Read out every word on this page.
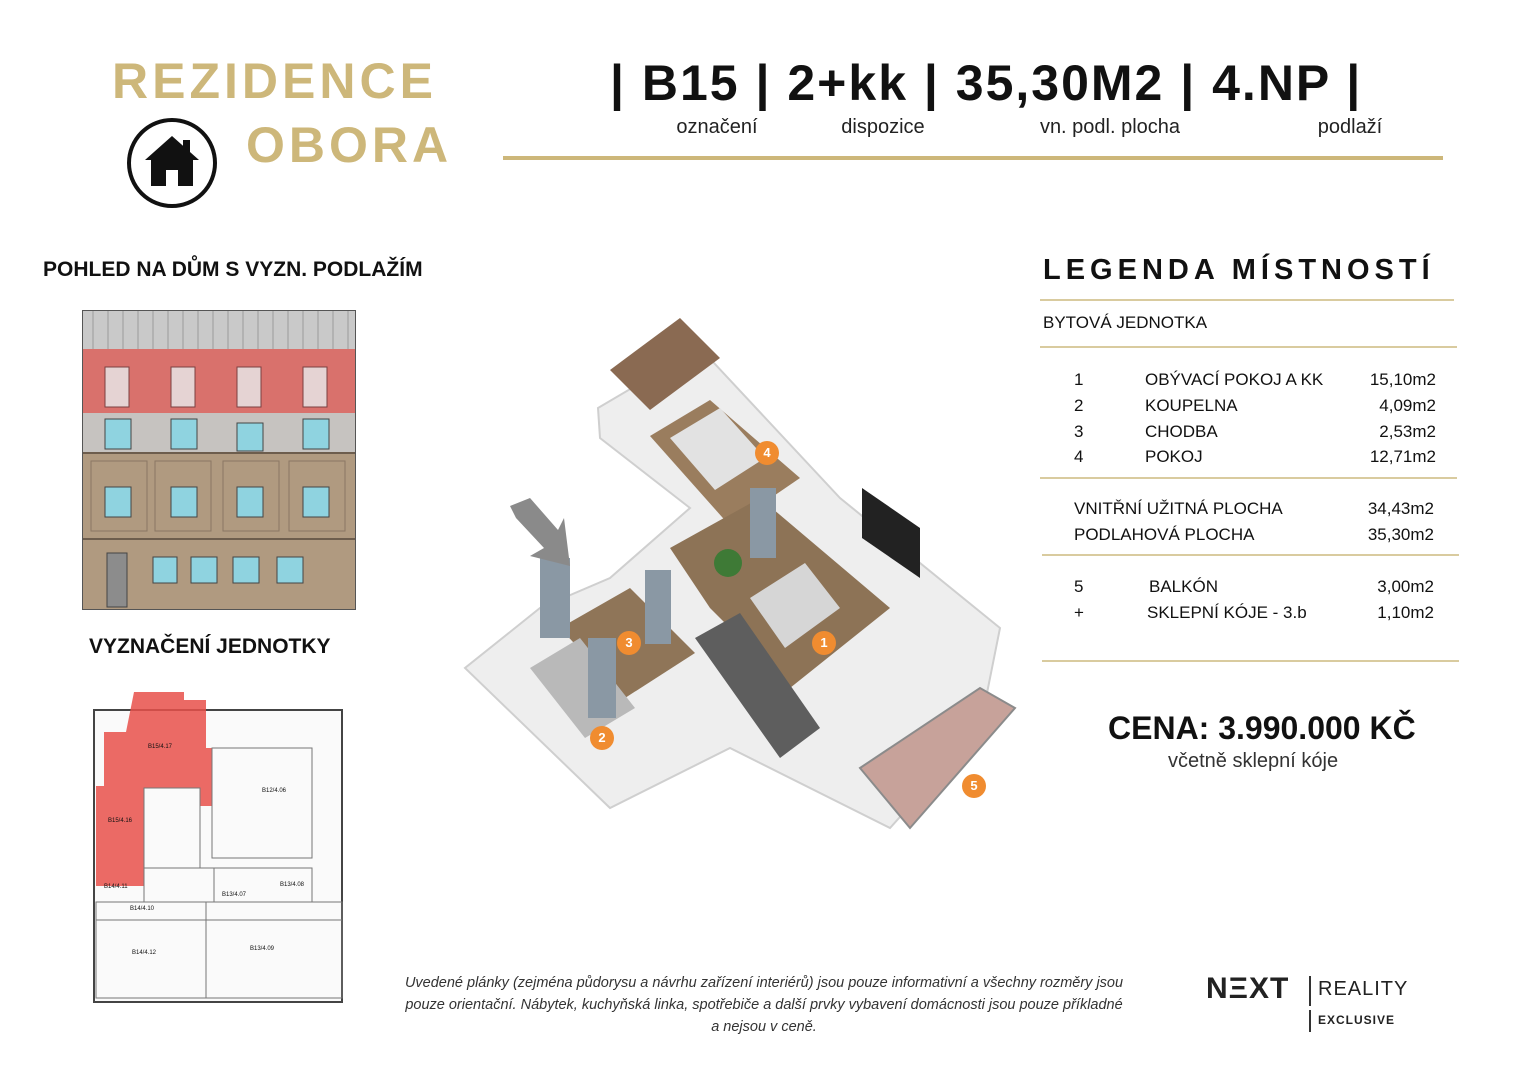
REZIDENCE
OBORA
| B15 | 2+kk | 35,30M2 | 4.NP |
označení	dispozice	vn. podl. plocha	podlaží
POHLED NA DŮM S VYZN. PODLAŽÍM
VYZNAČENÍ JEDNOTKY
B15/4.17
B15/4.16
B12/4.06
B14/4.11	B13/4.08
B14/4.12
B13/4.09
B14/4.10
B13/4.07
4
1
3
2
5
LEGENDA MÍSTNOSTÍ
BYTOVÁ JEDNOTKA
1	OBÝVACÍ POKOJ A KK	15,10m2
2	KOUPELNA	4,09m2
3	CHODBA	2,53m2
4	POKOJ	12,71m2
VNITŘNÍ UŽITNÁ PLOCHA	34,43m2
PODLAHOVÁ PLOCHA	35,30m2
5	BALKÓN	3,00m2
+	SKLEPNÍ KÓJE - 3.b	1,10m2
CENA: 3.990.000 KČ
včetně sklepní kóje
Uvedené plánky (zejména půdorysu a návrhu zařízení interiérů) jsou pouze informativní a všechny rozměry jsou pouze orientační. Nábytek, kuchyňská linka, spotřebiče a další prvky vybavení domácnosti jsou pouze příkladné a nejsou v ceně.
NΞXT REALITY
EXCLUSIVE
